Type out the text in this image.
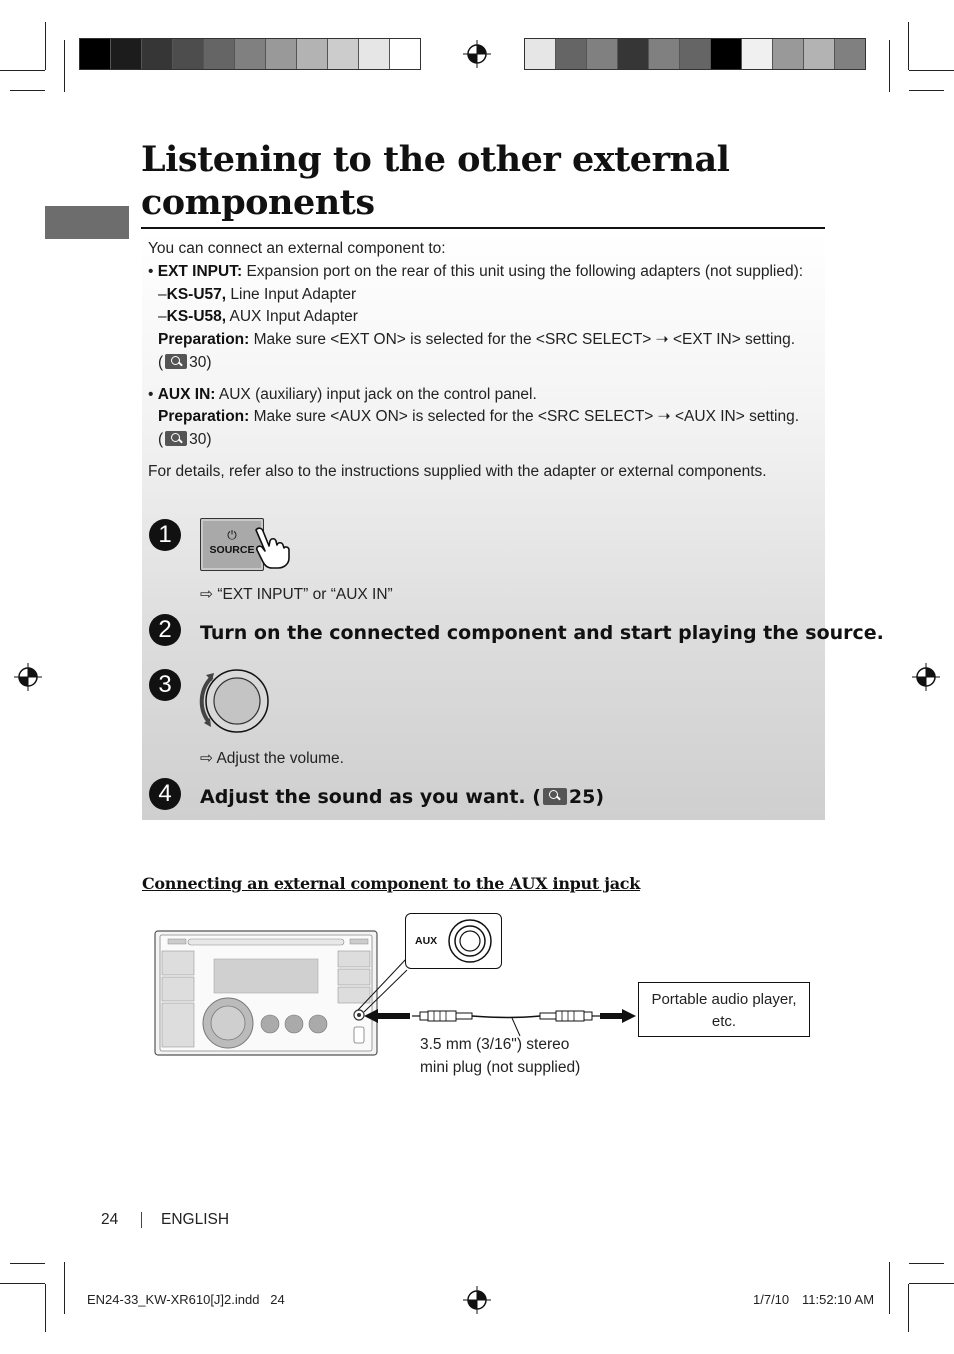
Listening to the other external
components
You can connect an external component to:
• EXT INPUT: Expansion port on the rear of this unit using the following adapters (not supplied):
–KS-U57, Line Input Adapter
–KS-U58, AUX Input Adapter
Preparation: Make sure <EXT ON> is selected for the <SRC SELECT> ➝ <EXT IN> setting.
( 30)
• AUX IN: AUX (auxiliary) input jack on the control panel.
Preparation: Make sure <AUX ON> is selected for the <SRC SELECT> ➝ <AUX IN> setting.
( 30)
For details, refer also to the instructions supplied with the adapter or external components.
1	⏻
SOURCE
⇨ “EXT INPUT” or “AUX IN”
2	Turn on the connected component and start playing the source.
3
⇨ Adjust the volume.
4	Adjust the sound as you want. ( 25)
Connecting an external component to the AUX input jack
AUX
Portable audio player, etc.
3.5 mm (3/16") stereo
mini plug (not supplied)
24	ENGLISH
EN24-33_KW-XR610[J]2.indd   24	1/7/10 11:52:10 AM
